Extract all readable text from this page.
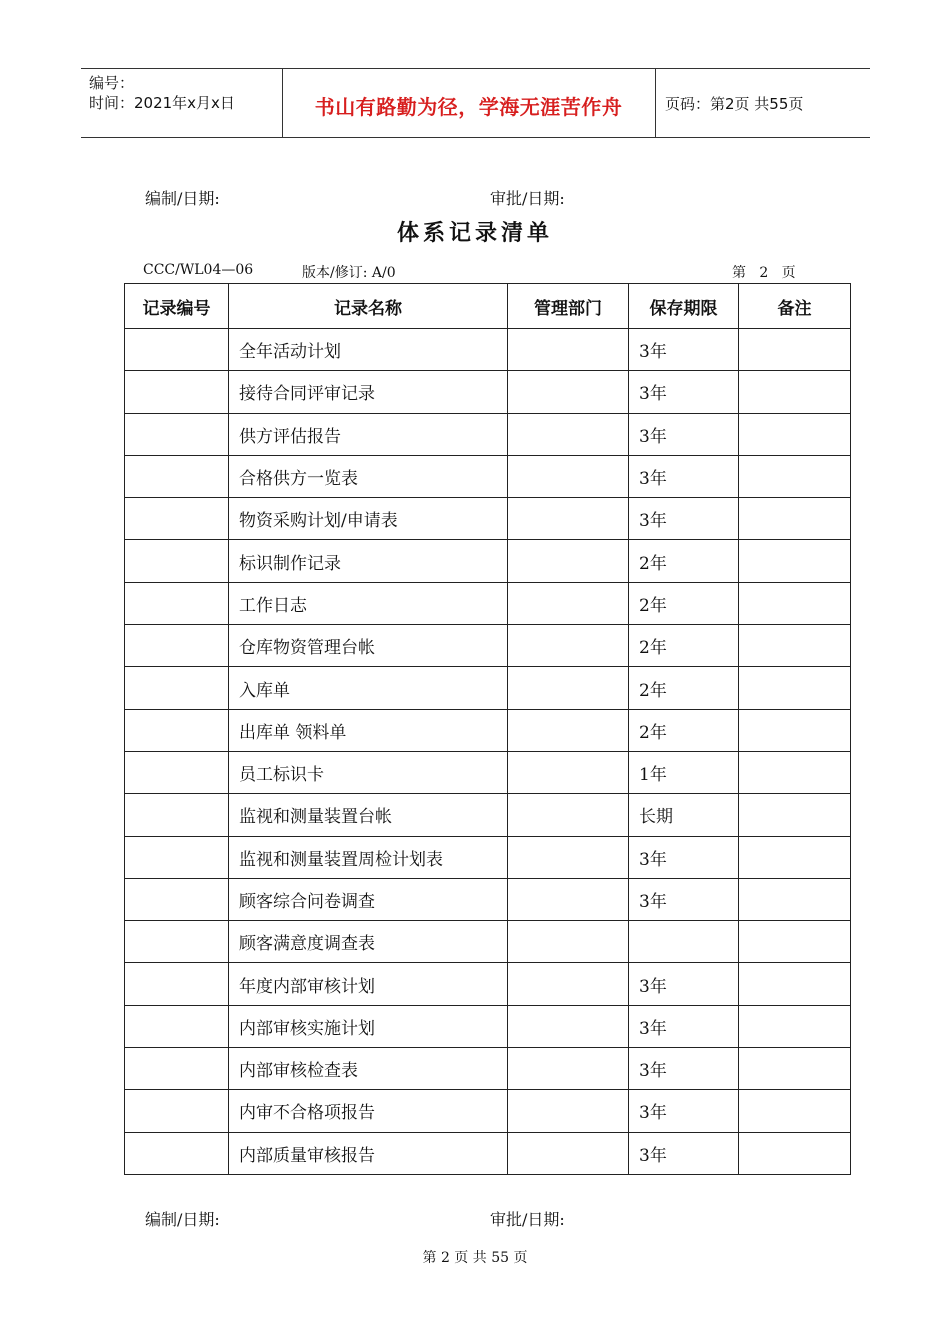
编号：
时间：2021年x月x日	书山有路勤为径，学海无涯苦作舟	页码：第2页 共55页
编制/日期:	审批/日期:
体系记录清单
CCC/WL04—06	版本/修订: A/0	第   2   页
记录编号	记录名称	管理部门	保存期限	备注
	全年活动计划		3年	
	接待合同评审记录		3年	
	供方评估报告		3年	
	合格供方一览表		3年	
	物资采购计划/申请表		3年	
	标识制作记录		2年	
	工作日志		2年	
	仓库物资管理台帐		2年	
	入库单		2年	
	出库单 领料单		2年	
	员工标识卡		1年	
	监视和测量装置台帐		长期	
	监视和测量装置周检计划表		3年	
	顾客综合问卷调查		3年	
	顾客满意度调查表			
	年度内部审核计划		3年	
	内部审核实施计划		3年	
	内部审核检查表		3年	
	内审不合格项报告		3年	
	内部质量审核报告		3年	
编制/日期:	审批/日期:
第 2 页 共 55 页
